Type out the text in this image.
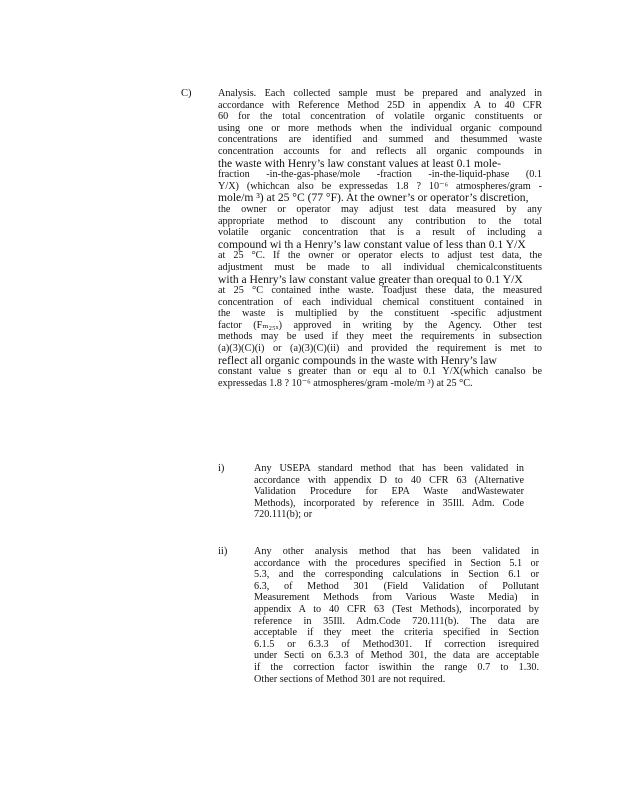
C)	Analysis. Each collected sample must be prepared and analyzed in
accordance with Reference Method 25D in appendix A to 40 CFR
60 for the total concentration of volatile organic constituents or
using one or more methods when the individual organic compound
concentrations are identified and summed and thesummed waste
concentration accounts for and reflects all organic compounds in
the waste with Henry’s law constant values at least 0.1 mole-
fraction -in-the-gas-phase/mole -fraction -in-the-liquid-phase (0.1
Y/X) (whichcan also be expressedas 1.8 ? 10⁻⁶ atmospheres/gram -
mole/m ³) at 25 °C (77 °F). At the owner’s or operator’s discretion,
the owner or operator may adjust test data measured by any
appropriate method to discount any contribution to the total
volatile organic concentration that is a result of including a
compound wi th a Henry’s law constant value of less than 0.1 Y/X
at 25 °C. If the owner or operator elects to adjust test data, the
adjustment must be made to all individual chemicalconstituents
with a Henry’s law constant value greater than orequal to 0.1 Y/X
at 25 °C contained inthe waste. Toadjust these data, the measured
concentration of each individual chemical constituent contained in
the waste is multiplied by the constituent -specific adjustment
factor (Fₘ₂₅ₓ) approved in writing by the Agency. Other test
methods may be used if they meet the requirements in subsection
(a)(3)(C)(i) or (a)(3)(C)(ii) and provided the requirement is met to
reflect all organic compounds in the waste with Henry’s law
constant value s greater than or equ al to 0.1 Y/X(which canalso be
expressedas 1.8 ? 10⁻⁶ atmospheres/gram -mole/m ³) at 25 °C.
i)	Any USEPA standard method that has been validated in
accordance with appendix D to 40 CFR 63 (Alternative
Validation Procedure for EPA Waste andWastewater
Methods), incorporated by reference in 35Ill. Adm. Code
720.111(b); or
ii)	Any other analysis method that has been validated in
accordance with the procedures specified in Section 5.1 or
5.3, and the corresponding calculations in Section 6.1 or
6.3, of Method 301 (Field Validation of Pollutant
Measurement Methods from Various Waste Media) in
appendix A to 40 CFR 63 (Test Methods), incorporated by
reference in 35Ill. Adm.Code 720.111(b). The data are
acceptable if they meet the criteria specified in Section
6.1.5 or 6.3.3 of Method301. If correction isrequired
under Secti on 6.3.3 of Method 301, the data are acceptable
if the correction factor iswithin the range 0.7 to 1.30.
Other sections of Method 301 are not required.
